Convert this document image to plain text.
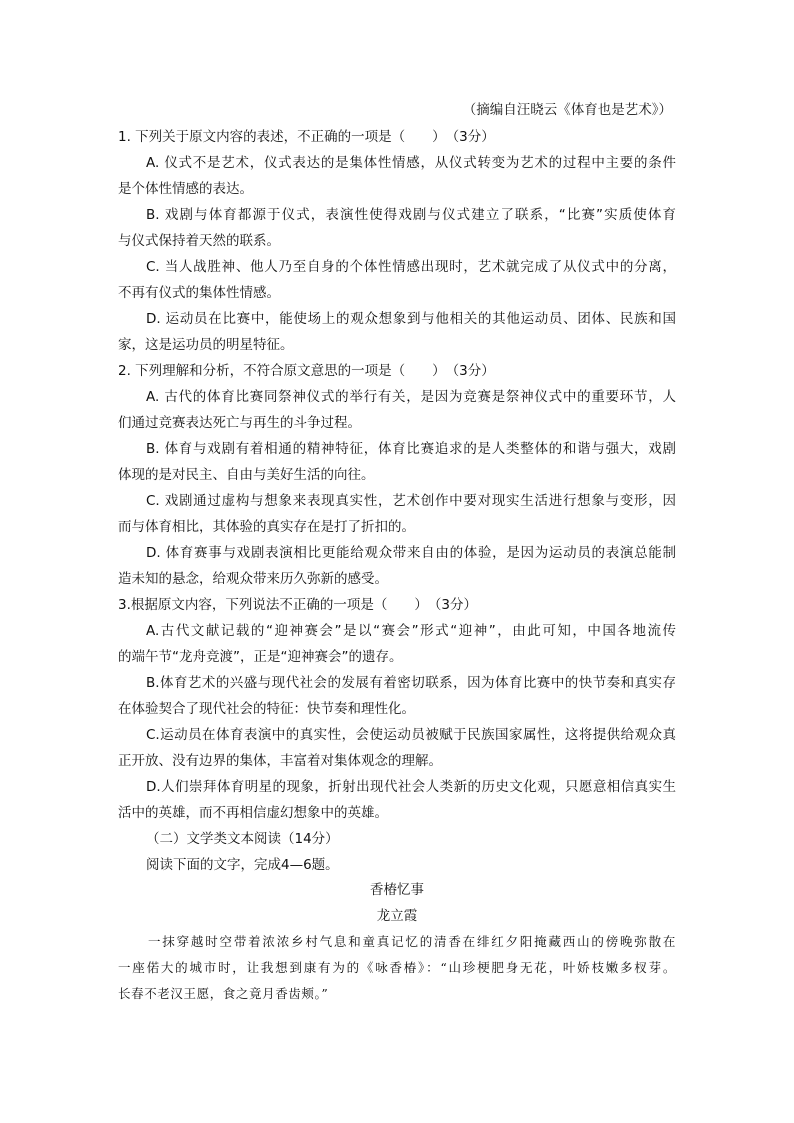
（摘编自汪晓云《体育也是艺术》）
1. 下列关于原文内容的表述，不正确的一项是（　　）　（3分）
A. 仪式不是艺术，仪式表达的是集体性情感，从仪式转变为艺术的过程中主要的条件
是个体性情感的表达。
B. 戏剧与体育都源于仪式，表演性使得戏剧与仪式建立了联系，“比赛”实质使体育
与仪式保持着天然的联系。
C. 当人战胜神、他人乃至自身的个体性情感出现时，艺术就完成了从仪式中的分离，
不再有仪式的集体性情感。
D. 运动员在比赛中，能使场上的观众想象到与他相关的其他运动员、团体、民族和国
家，这是运功员的明星特征。
2. 下列理解和分析，不符合原文意思的一项是（　　）　（3分）
A. 古代的体育比赛同祭神仪式的举行有关，是因为竞赛是祭神仪式中的重要环节，人
们通过竞赛表达死亡与再生的斗争过程。
B. 体育与戏剧有着相通的精神特征，体育比赛追求的是人类整体的和谐与强大，戏剧
体现的是对民主、自由与美好生活的向往。
C. 戏剧通过虚构与想象来表现真实性，艺术创作中要对现实生活进行想象与变形，因
而与体育相比，其体验的真实存在是打了折扣的。
D. 体育赛事与戏剧表演相比更能给观众带来自由的体验，是因为运动员的表演总能制
造未知的悬念，给观众带来历久弥新的感受。
3.根据原文内容，下列说法不正确的一项是（　　）　（3分）
A.古代文献记载的“迎神赛会”是以“赛会”形式“迎神”，由此可知，中国各地流传
的端午节“龙舟竞渡”，正是“迎神赛会”的遗存。
B.体育艺术的兴盛与现代社会的发展有着密切联系，因为体育比赛中的快节奏和真实存
在体验契合了现代社会的特征：快节奏和理性化。
C.运动员在体育表演中的真实性，会使运动员被赋于民族国家属性，这将提供给观众真
正开放、没有边界的集体，丰富着对集体观念的理解。
D.人们崇拜体育明星的现象，折射出现代社会人类新的历史文化观，只愿意相信真实生
活中的英雄，而不再相信虚幻想象中的英雄。
（二）文学类文本阅读（14分）
阅读下面的文字，完成4—6题。
香椿忆事
龙立霞
一抹穿越时空带着浓浓乡村气息和童真记忆的清香在绯红夕阳掩藏西山的傍晚弥散在
一座偌大的城市时，让我想到康有为的《咏香椿》：“山珍梗肥身无花，叶娇枝嫩多杈芽。
长春不老汉王愿，食之竟月香齿颊。”
